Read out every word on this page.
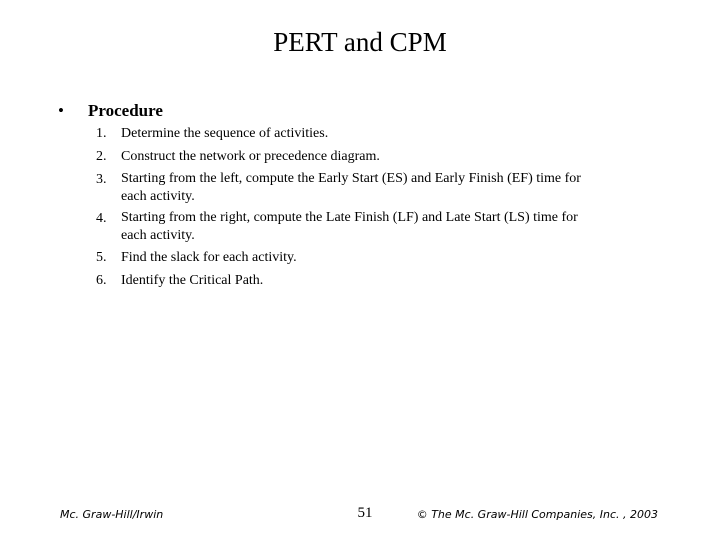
PERT and CPM
• Procedure
1.	Determine the sequence of activities.
2.	Construct the network or precedence diagram.
3.	Starting from the left, compute the Early Start (ES) and Early Finish (EF) time for
each activity.
4.	Starting from the right, compute the Late Finish (LF) and Late Start (LS) time for
each activity.
5.	Find the slack for each activity.
6.	Identify the Critical Path.
Mc. Graw-Hill/Irwin	51	© The Mc. Graw-Hill Companies, Inc. , 2003
